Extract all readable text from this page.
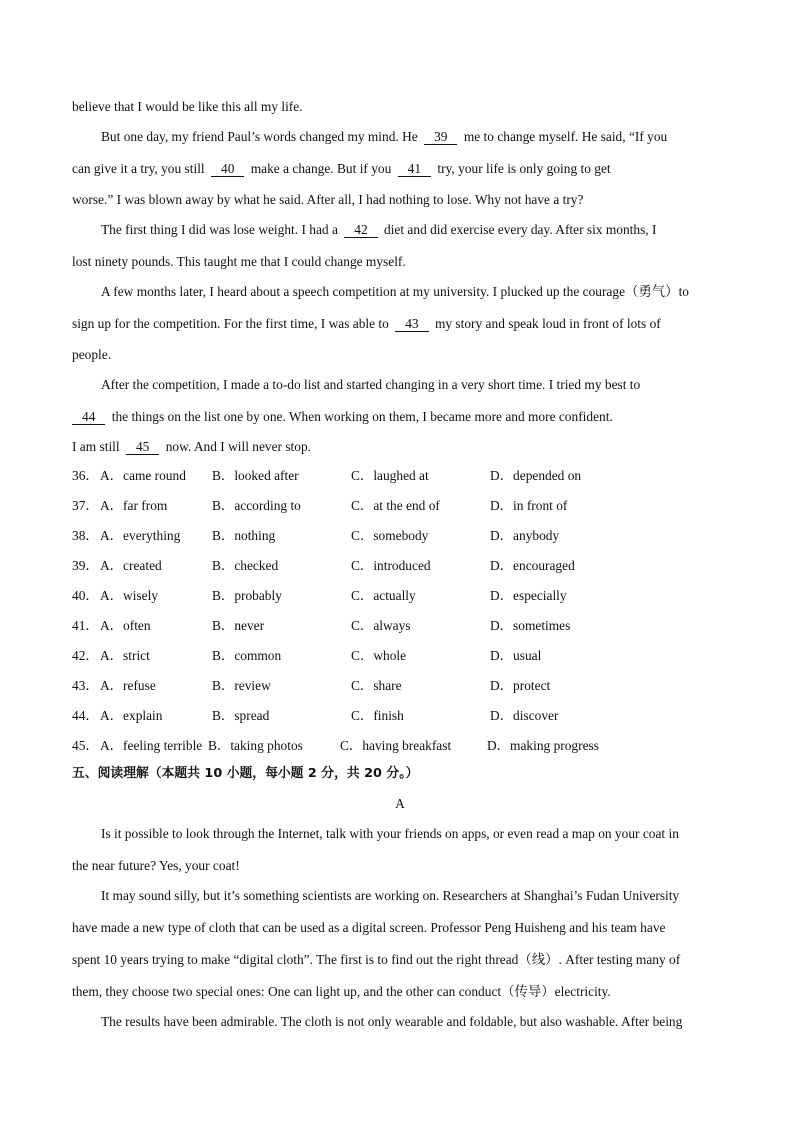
believe that I would be like this all my life.
But one day, my friend Paul’s words changed my mind. He 39 me to change myself. He said, “If you
can give it a try, you still 40 make a change. But if you 41 try, your life is only going to get
worse.” I was blown away by what he said. After all, I had nothing to lose. Why not have a try?
The first thing I did was lose weight. I had a 42 diet and did exercise every day. After six months, I
lost ninety pounds. This taught me that I could change myself.
A few months later, I heard about a speech competition at my university. I plucked up the courage（勇气）to
sign up for the competition. For the first time, I was able to 43 my story and speak loud in front of lots of
people.
After the competition, I made a to-do list and started changing in a very short time. I tried my best to
44 the things on the list one by one. When working on them, I became more and more confident.
I am still 45 now. And I will never stop.
36． A．came round B．looked after	C．laughed at	D．depended on
37． A．far from	B．according to	C．at the end of	D．in front of
38． A．everything B．nothing	C．somebody	D．anybody
39． A．created	B．checked	C．introduced	D．encouraged
40． A．wisely	B．probably	C．actually	D．especially
41． A．often	B．never	C．always	D．sometimes
42． A．strict	B．common	C．whole	D．usual
43． A．refuse	B．review	C．share	D．protect
44． A．explain	B．spread	C．finish	D．discover
45． A．feeling terrible B．taking photos	C．having breakfast	D．making progress
五、阅读理解（本题共 10 小题，每小题 2 分，共 20 分。）
A
Is it possible to look through the Internet, talk with your friends on apps, or even read a map on your coat in
the near future? Yes, your coat!
It may sound silly, but it’s something scientists are working on. Researchers at Shanghai’s Fudan University
have made a new type of cloth that can be used as a digital screen. Professor Peng Huisheng and his team have
spent 10 years trying to make “digital cloth”. The first is to find out the right thread（线）. After testing many of
them, they choose two special ones: One can light up, and the other can conduct（传导）electricity.
The results have been admirable. The cloth is not only wearable and foldable, but also washable. After being
